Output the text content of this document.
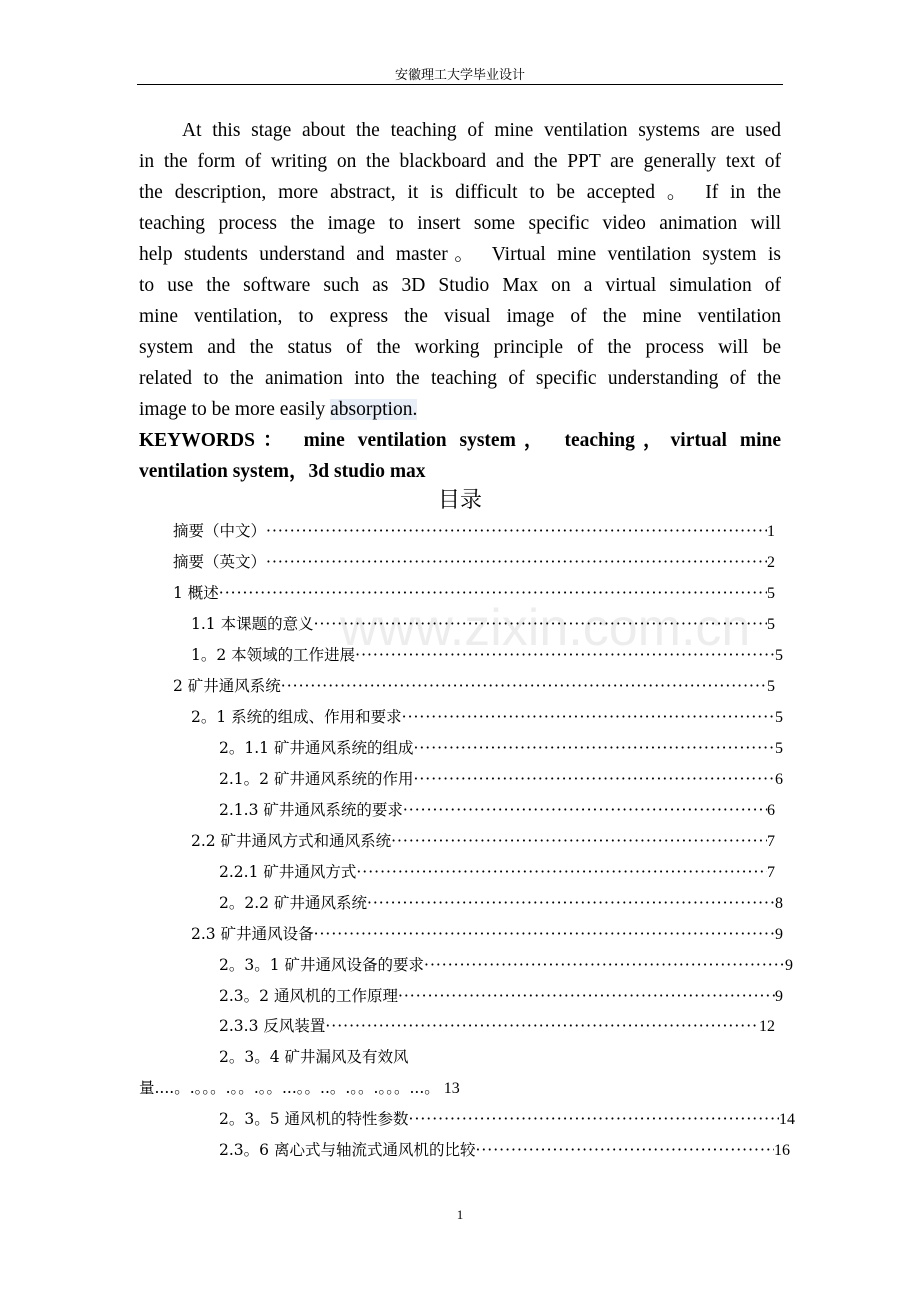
安徽理工大学毕业设计
At this stage about the teaching of mine ventilation systems are used
in the form of writing on the blackboard and the PPT are generally text of
the description, more abstract, it is difficult to be accepted 。 If in the
teaching process the image to insert some specific video animation will
help students understand and master。 Virtual mine ventilation system is
to use the software such as 3D Studio Max on a virtual simulation of
mine ventilation, to express the visual image of the mine ventilation
system and the status of the working principle of the process will be
related to the animation into the teaching of specific understanding of the
image to be more easily absorption.
KEYWORDS： mine ventilation system， teaching，virtual mine
ventilation system，3d studio max
目录
www.zixin.com.cn
摘要（中文） ·····	1
摘要（英文） ·····	2
1 概述 ·····	5
1.1 本课题的意义 ·····	5
1。2 本领域的工作进展 ·····	5
2 矿井通风系统 ·····	5
2。1 系统的组成、作用和要求 ·····	5
2。1.1 矿井通风系统的组成 ·····	5
2.1。2 矿井通风系统的作用 ·····	6
2.1.3 矿井通风系统的要求 ·····	6
2.2 矿井通风方式和通风系统 ·····	7
2.2.1 矿井通风方式 ·····	7
2。2.2 矿井通风系统 ·····	8
2.3 矿井通风设备 ·····	9
2。3。1 矿井通风设备的要求 ·····	9
2.3。2 通风机的工作原理 ·····	9
2.3.3 反风装置 ·····	12
2。3。4 矿井漏风及有效风
量....。.。。。.。。.。。...。。..。.。。.。。。...。 13
2。3。5 通风机的特性参数 ·····	14
2.3。6 离心式与轴流式通风机的比较 ·····	16
1
